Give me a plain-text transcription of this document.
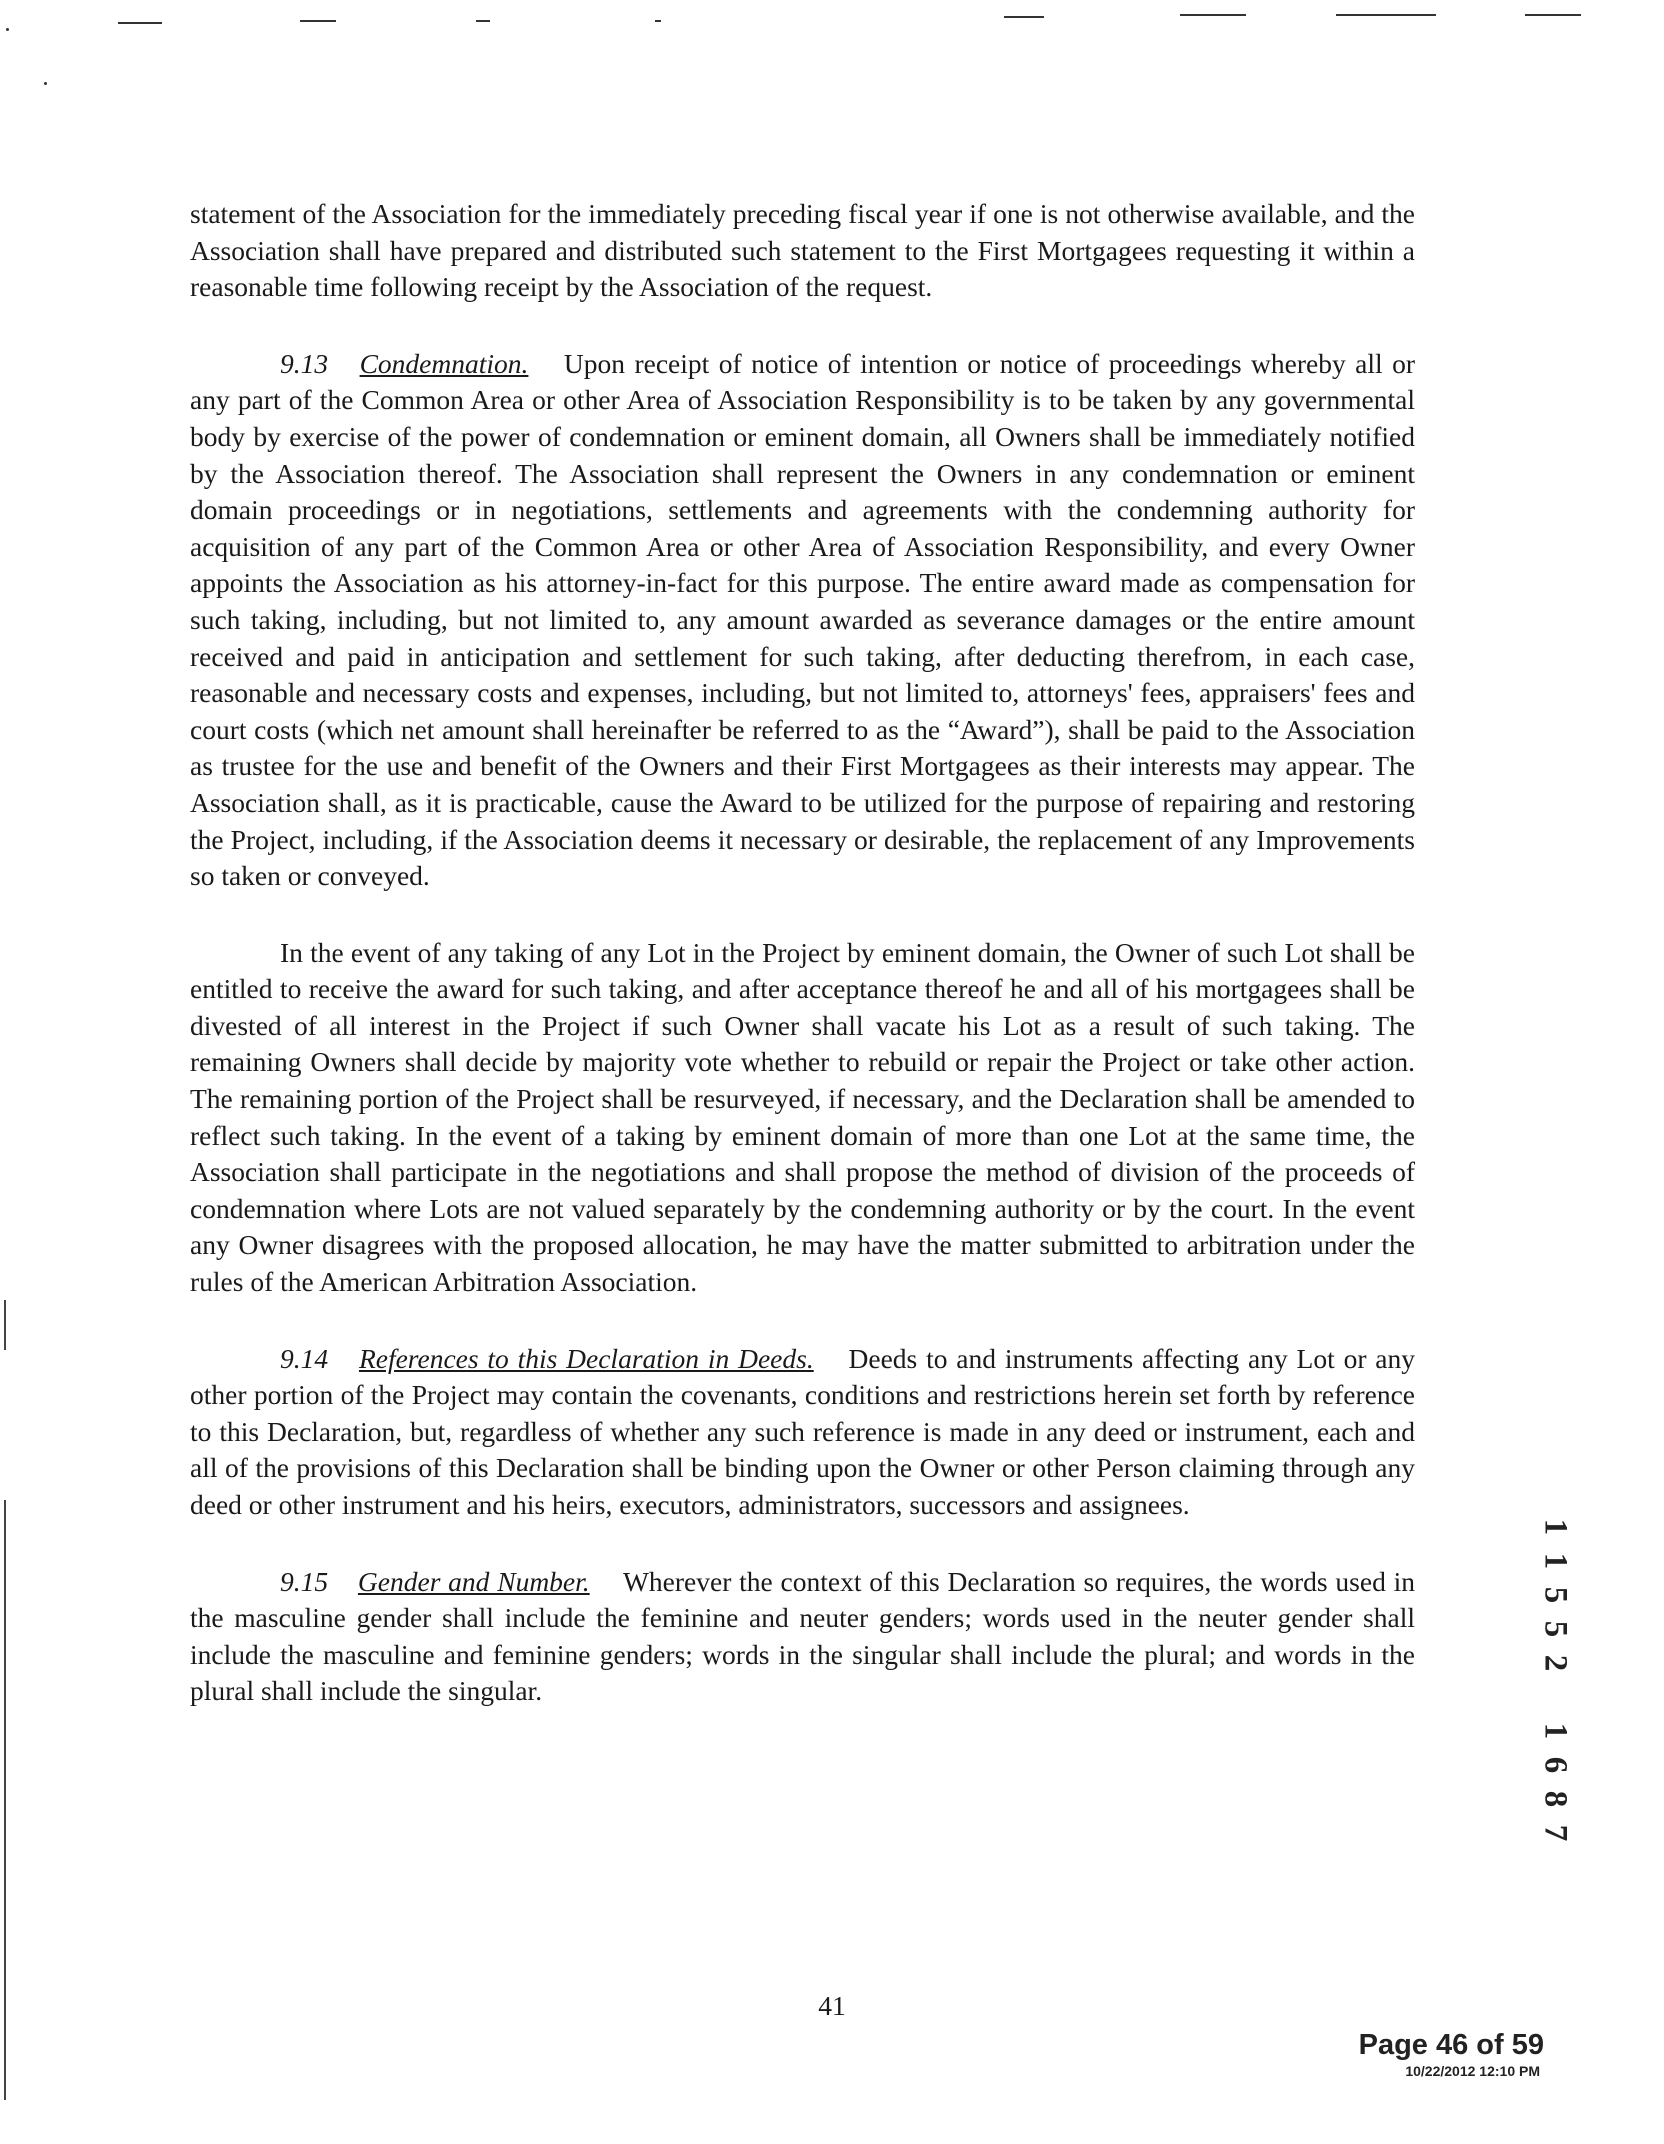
statement of the Association for the immediately preceding fiscal year if one is not otherwise available, and the Association shall have prepared and distributed such statement to the First Mortgagees requesting it within a reasonable time following receipt by the Association of the request.

9.13 Condemnation. Upon receipt of notice of intention or notice of proceedings whereby all or any part of the Common Area or other Area of Association Responsibility is to be taken by any governmental body by exercise of the power of condemnation or eminent domain, all Owners shall be immediately notified by the Association thereof. The Association shall represent the Owners in any condemnation or eminent domain proceedings or in negotiations, settlements and agreements with the condemning authority for acquisition of any part of the Common Area or other Area of Association Responsibility, and every Owner appoints the Association as his attorney-in-fact for this purpose. The entire award made as compensation for such taking, including, but not limited to, any amount awarded as severance damages or the entire amount received and paid in anticipation and settlement for such taking, after deducting therefrom, in each case, reasonable and necessary costs and expenses, including, but not limited to, attorneys' fees, appraisers' fees and court costs (which net amount shall hereinafter be referred to as the “Award”), shall be paid to the Association as trustee for the use and benefit of the Owners and their First Mortgagees as their interests may appear. The Association shall, as it is practicable, cause the Award to be utilized for the purpose of repairing and restoring the Project, including, if the Association deems it necessary or desirable, the replacement of any Improvements so taken or conveyed.

In the event of any taking of any Lot in the Project by eminent domain, the Owner of such Lot shall be entitled to receive the award for such taking, and after acceptance thereof he and all of his mortgagees shall be divested of all interest in the Project if such Owner shall vacate his Lot as a result of such taking. The remaining Owners shall decide by majority vote whether to rebuild or repair the Project or take other action. The remaining portion of the Project shall be resurveyed, if necessary, and the Declaration shall be amended to reflect such taking. In the event of a taking by eminent domain of more than one Lot at the same time, the Association shall participate in the negotiations and shall propose the method of division of the proceeds of condemnation where Lots are not valued separately by the condemning authority or by the court. In the event any Owner disagrees with the proposed allocation, he may have the matter submitted to arbitration under the rules of the American Arbitration Association.

9.14 References to this Declaration in Deeds. Deeds to and instruments affecting any Lot or any other portion of the Project may contain the covenants, conditions and restrictions herein set forth by reference to this Declaration, but, regardless of whether any such reference is made in any deed or instrument, each and all of the provisions of this Declaration shall be binding upon the Owner or other Person claiming through any deed or other instrument and his heirs, executors, administrators, successors and assignees.

9.15 Gender and Number. Wherever the context of this Declaration so requires, the words used in the masculine gender shall include the feminine and neuter genders; words used in the neuter gender shall include the masculine and feminine genders; words in the singular shall include the plural; and words in the plural shall include the singular.

41
1
1
5
5
2
1
6
8
7
Page 46 of 59
10/22/2012 12:10 PM
